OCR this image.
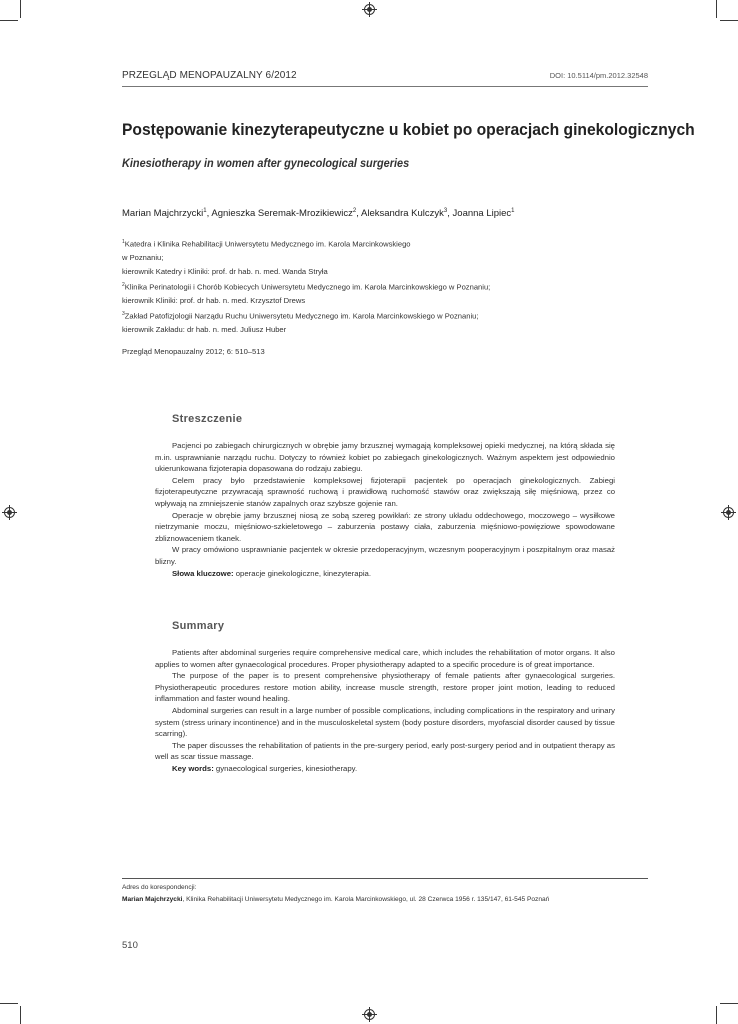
PRZEGLĄD MENOPAUZALNY 6/2012	DOI: 10.5114/pm.2012.32548
Postępowanie kinezyterapeutyczne u kobiet po operacjach ginekologicznych
Kinesiotherapy in women after gynecological surgeries
Marian Majchrzycki$^1$, Agnieszka Seremak-Mrozikiewicz$^2$, Aleksandra Kulczyk$^3$, Joanna Lipiec$^1$
$^1$Katedra i Klinika Rehabilitacji Uniwersytetu Medycznego im. Karola Marcinkowskiego
w Poznaniu;
kierownik Katedry i Kliniki: prof. dr hab. n. med. Wanda Stryła
$^2$Klinika Perinatologii i Chorób Kobiecych Uniwersytetu Medycznego im. Karola Marcinkowskiego w Poznaniu;
kierownik Kliniki: prof. dr hab. n. med. Krzysztof Drews
$^3$Zakład Patofizjologii Narządu Ruchu Uniwersytetu Medycznego im. Karola Marcinkowskiego w Poznaniu;
kierownik Zakładu: dr hab. n. med. Juliusz Huber
Przegląd Menopauzalny 2012; 6: 510–513
Streszczenie

Pacjenci po zabiegach chirurgicznych w obrębie jamy brzusznej wymagają kompleksowej opieki medycznej, na którą składa się m.in. usprawnianie narządu ruchu. Dotyczy to również kobiet po zabiegach ginekologicznych. Ważnym aspektem jest odpowiednio ukierunkowana fizjoterapia dopasowana do rodzaju zabiegu.

Celem pracy było przedstawienie kompleksowej fizjoterapii pacjentek po operacjach ginekologicznych. Zabiegi fizjoterapeutyczne przywracają sprawność ruchową i prawidłową ruchomość stawów oraz zwiększają siłę mięśniową, przez co wpływają na zmniejszenie stanów zapalnych oraz szybsze gojenie ran.

Operacje w obrębie jamy brzusznej niosą ze sobą szereg powikłań: ze strony układu oddechowego, moczowego – wysiłkowe nietrzymanie moczu, mięśniowo-szkieletowego – zaburzenia postawy ciała, zaburzenia mięśniowo-powięziowe spowodowane zbliznowaceniem tkanek.

W pracy omówiono usprawnianie pacjentek w okresie przedoperacyjnym, wczesnym pooperacyjnym i poszpitalnym oraz masaż blizny.

Słowa kluczowe: operacje ginekologiczne, kinezyterapia.

Summary

Patients after abdominal surgeries require comprehensive medical care, which includes the rehabilitation of motor organs. It also applies to women after gynaecological procedures. Proper physiotherapy adapted to a specific procedure is of great importance.

The purpose of the paper is to present comprehensive physiotherapy of female patients after gynaecological surgeries. Physiotherapeutic procedures restore motion ability, increase muscle strength, restore proper joint motion, leading to reduced inflammation and faster wound healing.

Abdominal surgeries can result in a large number of possible complications, including complications in the respiratory and urinary system (stress urinary incontinence) and in the musculoskeletal system (body posture disorders, myofascial disorder caused by tissue scarring).

The paper discusses the rehabilitation of patients in the pre-surgery period, early post-surgery period and in outpatient therapy as well as scar tissue massage.

Key words: gynaecological surgeries, kinesiotherapy.

Adres do korespondencji:
Marian Majchrzycki, Klinika Rehabilitacji Uniwersytetu Medycznego im. Karola Marcinkowskiego, ul. 28 Czerwca 1956 r. 135/147, 61-545 Poznań
510
